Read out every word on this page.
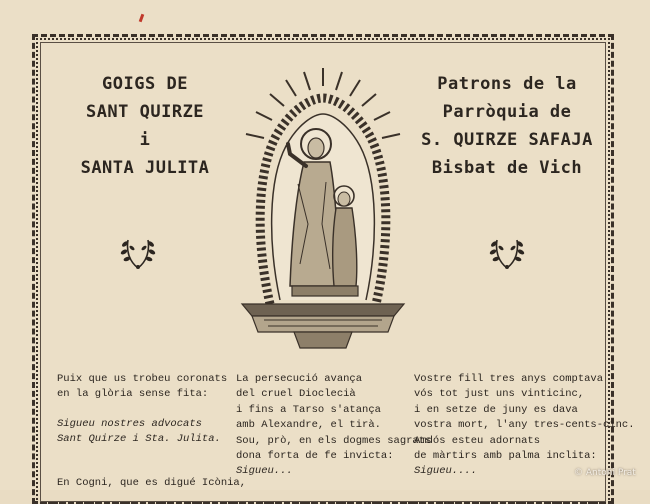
GOIGS DE
SANT QUIRZE
i
SANTA JULITA
Patrons de la
Parròquia de
S. QUIRZE SAFAJA
Bisbat de Vich
Puix que us trobeu coronats
en la glòria sense fita:
Sigueu nostres advocats
Sant Quirze i Sta. Julita.
En Cogni, que es digué Icònia,
La persecució avança
del cruel Dioclecià
i fins a Tarso s'atança
amb Alexandre, el tirà.
Sou, prò, en els dogmes sagrats
dona forta de fe invicta:
Sigueu...
Vostre fill tres anys comptava
vós tot just uns vinticinc,
i en setze de juny es dava
vostra mort, l'any tres-cents-cinc.
Amdós esteu adornats
de màrtirs amb palma inclita:
Sigueu....	© Antoni Prat
